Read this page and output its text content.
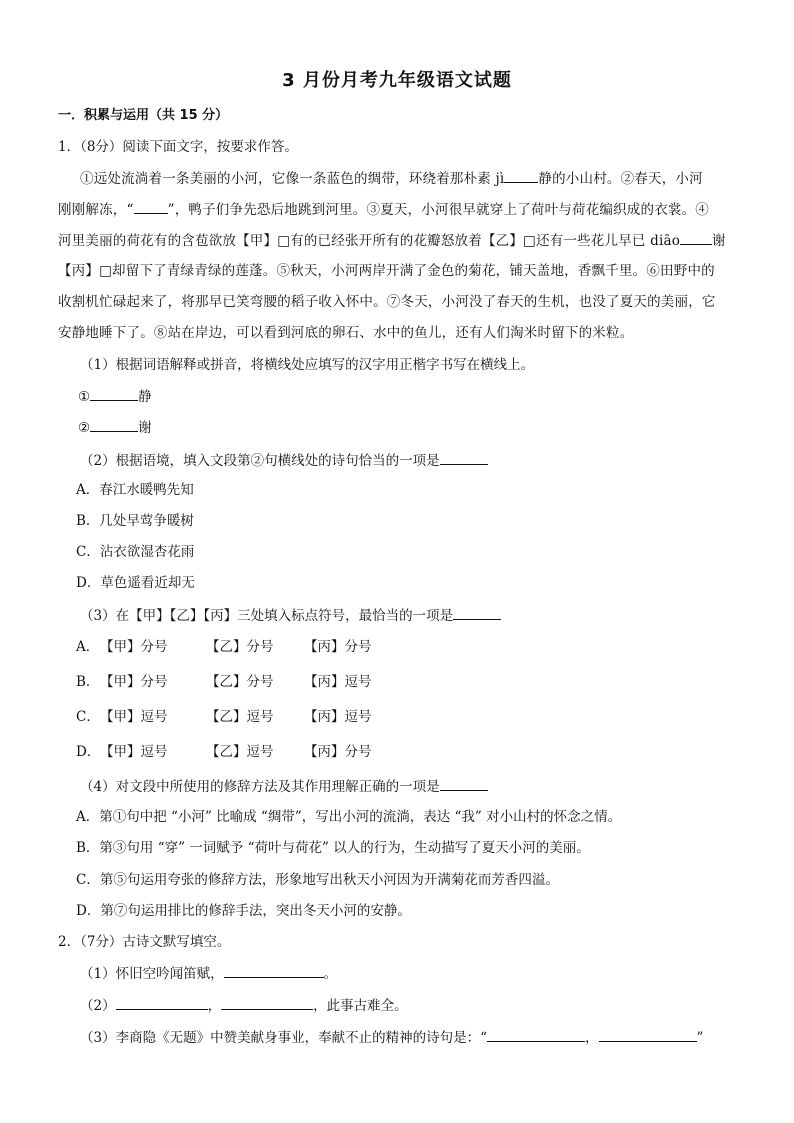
3 月份月考九年级语文试题
一．积累与运用（共 15 分）
1．（8分）阅读下面文字，按要求作答。
①远处流淌着一条美丽的小河，它像一条蓝色的绸带，环绕着那朴素 jì	静的小山村。②春天，小河
刚刚解冻，“	”，鸭子们争先恐后地跳到河里。③夏天，小河很早就穿上了荷叶与荷花编织成的衣裳。④
河里美丽的荷花有的含苞欲放【甲】□有的已经张开所有的花瓣怒放着【乙】□还有一些花儿早已 diāo 谢
【丙】□却留下了青绿青绿的莲蓬。⑤秋天，小河两岸开满了金色的菊花，铺天盖地，香飘千里。⑥田野中的
收割机忙碌起来了，将那早已笑弯腰的稻子收入怀中。⑦冬天，小河没了春天的生机，也没了夏天的美丽，它
安静地睡下了。⑧站在岸边，可以看到河底的卵石、水中的鱼儿，还有人们淘米时留下的米粒。
（1）根据词语解释或拼音，将横线处应填写的汉字用正楷字书写在横线上。
①	静
②	谢
（2）根据语境，填入文段第②句横线处的诗句恰当的一项是
A．春江水暖鸭先知
B．几处早莺争暖树
C．沾衣欲湿杏花雨
D．草色遥看近却无
（3）在【甲】【乙】【丙】三处填入标点符号，最恰当的一项是
A．【甲】分号	【乙】分号 【丙】分号
B．【甲】分号	【乙】分号 【丙】逗号
C．【甲】逗号	【乙】逗号 【丙】逗号
D．【甲】逗号	【乙】逗号 【丙】分号
（4）对文段中所使用的修辞方法及其作用理解正确的一项是
A．第①句中把 “小河” 比喻成 “绸带”，写出小河的流淌，表达 “我” 对小山村的怀念之情。
B．第③句用 “穿” 一词赋予 “荷叶与荷花” 以人的行为，生动描写了夏天小河的美丽。
C．第⑤句运用夸张的修辞方法，形象地写出秋天小河因为开满菊花而芳香四溢。
D．第⑦句运用排比的修辞手法，突出冬天小河的安静。
2．（7分）古诗文默写填空。
（1）怀旧空吟闻笛赋，	。
（2）	，	，此事古难全。
（3）李商隐《无题》中赞美献身事业，奉献不止的精神的诗句是：“	，	”
